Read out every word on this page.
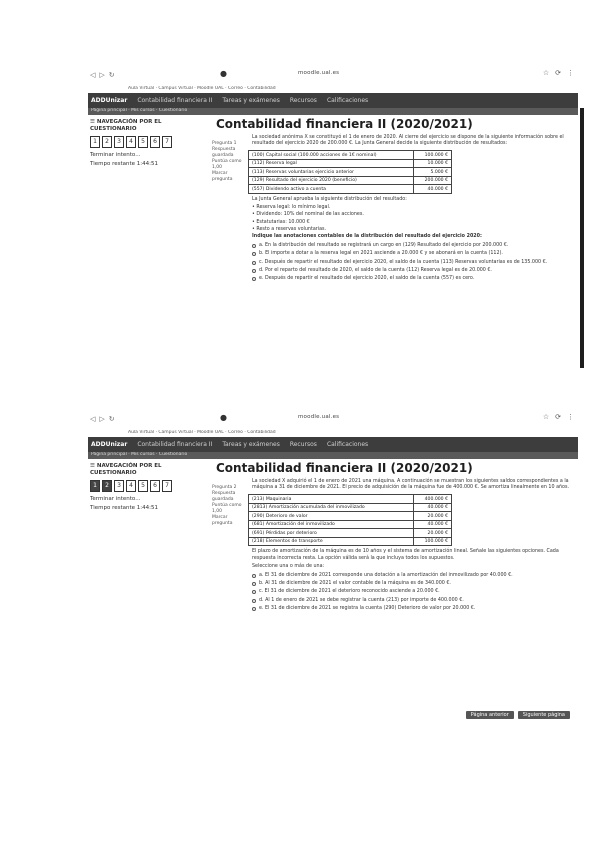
◁ ▷ ↻	●	moodle.ual.es	☆ ⟳ ⋮
Aula Virtual · Campus Virtual · Moodle UAL · Correo · Contabilidad
ADDUnizar Contabilidad financiera II Tareas y exámenes Recursos Calificaciones
Página principal · Mis cursos · Cuestionario
☰ NAVEGACIÓN POR EL CUESTIONARIO
1	2	3	4	5	6	7
Terminar intento...
Tiempo restante 1:44:51
Contabilidad financiera II (2020/2021)
Pregunta 1
Respuesta guardada
Puntúa como 1,00
Marcar pregunta

La sociedad anónima X se constituyó el 1 de enero de 2020. Al cierre del ejercicio se dispone de la siguiente información sobre el resultado del ejercicio 2020 de 200.000 €. La Junta General decide la siguiente distribución de resultados:

(100) Capital social (100.000 acciones de 1€ nominal)	100.000 €
(112) Reserva legal	10.000 €
(113) Reservas voluntarias ejercicio anterior	5.000 €
(129) Resultado del ejercicio 2020 (beneficio)	200.000 €
(557) Dividendo activo a cuenta	40.000 €

La Junta General aprueba la siguiente distribución del resultado:

• Reserva legal: lo mínimo legal.
• Dividendo: 10% del nominal de las acciones.
• Estatutarias: 10.000 €
• Resto a reservas voluntarias.

Indique las anotaciones contables de la distribución del resultado del ejercicio 2020:

a. En la distribución del resultado se registrará un cargo en (129) Resultado del ejercicio por 200.000 €.
b. El importe a dotar a la reserva legal en 2021 asciende a 20.000 € y se abonará en la cuenta (112).
c. Después de repartir el resultado del ejercicio 2020, el saldo de la cuenta (113) Reservas voluntarias es de 135.000 €.
d. Por el reparto del resultado de 2020, el saldo de la cuenta (112) Reserva legal es de 20.000 €.
e. Después de repartir el resultado del ejercicio 2020, el saldo de la cuenta (557) es cero.
◁ ▷ ↻	●	moodle.ual.es	☆ ⟳ ⋮
Aula Virtual · Campus Virtual · Moodle UAL · Correo · Contabilidad
ADDUnizar Contabilidad financiera II Tareas y exámenes Recursos Calificaciones
Página principal · Mis cursos · Cuestionario
☰ NAVEGACIÓN POR EL CUESTIONARIO
1	2	3	4	5	6	7
Terminar intento...
Tiempo restante 1:44:51
Contabilidad financiera II (2020/2021)
Pregunta 2
Respuesta guardada
Puntúa como 1,00
Marcar pregunta

La sociedad X adquirió el 1 de enero de 2021 una máquina. A continuación se muestran los siguientes saldos correspondientes a la máquina a 31 de diciembre de 2021. El precio de adquisición de la máquina fue de 400.000 €. Se amortiza linealmente en 10 años.

(213) Maquinaria	400.000 €
(2813) Amortización acumulada del inmovilizado	40.000 €
(290) Deterioro de valor	20.000 €
(681) Amortización del inmovilizado	40.000 €
(691) Pérdidas por deterioro	20.000 €
(218) Elementos de transporte	100.000 €

El plazo de amortización de la máquina es de 10 años y el sistema de amortización lineal. Señale las siguientes opciones. Cada respuesta incorrecta resta. La opción válida será la que incluya todos los supuestos.

Seleccione una o más de una:

a. El 31 de diciembre de 2021 corresponde una dotación a la amortización del inmovilizado por 40.000 €.
b. Al 31 de diciembre de 2021 el valor contable de la máquina es de 340.000 €.
c. El 31 de diciembre de 2021 el deterioro reconocido asciende a 20.000 €.
d. Al 1 de enero de 2021 se debe registrar la cuenta (213) por importe de 400.000 €.
e. El 31 de diciembre de 2021 se registra la cuenta (290) Deterioro de valor por 20.000 €.
Página anterior	Siguiente página
